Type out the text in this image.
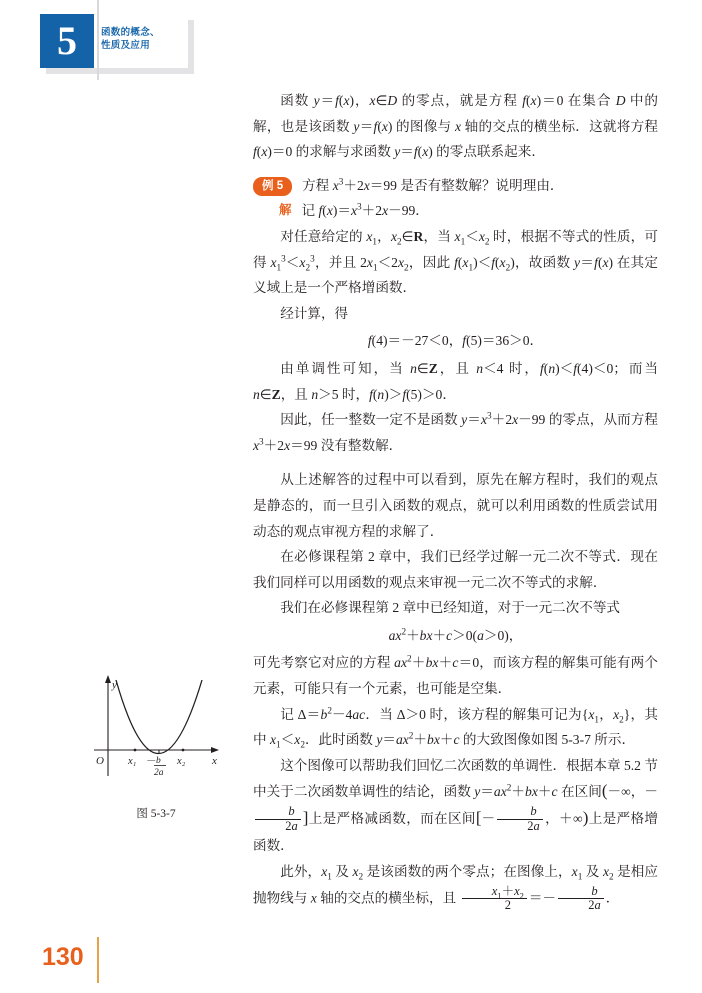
5	函数的概念、
性质及应用

函数 y＝f(x)，x∈D 的零点，就是方程 f(x)＝0 在集合 D 中的解，也是该函数 y＝f(x) 的图像与 x 轴的交点的横坐标．这就将方程 f(x)＝0 的求解与求函数 y＝f(x) 的零点联系起来．

例 5	方程 $x^3+2x=99$ 是否有整数解？说明理由．
解 记 $f(x)=x^3+2x-99$．

对任意给定的 $x_1$，$x_2\in R$，当 $x_1<x_2$ 时，根据不等式的性质，可得 $x_1^3<x_2^3$，并且 $2x_1<2x_2$，因此 $f(x_1)<f(x_2)$，故函数 y＝f(x) 在其定义域上是一个严格增函数．

经计算，得

f(4)＝－27＜0，f(5)＝36＞0．

由单调性可知，当 n∈Z，且 n＜4 时，f(n)＜f(4)＜0；而当 n∈Z，且 n＞5 时，f(n)＞f(5)＞0．

因此，任一整数一定不是函数 $y=x^3+2x-99$ 的零点，从而方程 $x^3+2x=99$ 没有整数解．

从上述解答的过程中可以看到，原先在解方程时，我们的观点是静态的，而一旦引入函数的观点，就可以利用函数的性质尝试用动态的观点审视方程的求解了．

在必修课程第 2 章中，我们已经学过解一元二次不等式．现在我们同样可以用函数的观点来审视一元二次不等式的求解．

我们在必修课程第 2 章中已经知道，对于一元二次不等式

$ax^2+bx+c>0(a>0)$，

可先考察它对应的方程 $ax^2+bx+c=0$，而该方程的解集可能有两个元素，可能只有一个元素，也可能是空集．

记 $\Delta=b^2-4ac$．当 Δ＞0 时，该方程的解集可记为{$x_1$，$x_2$}，其中 $x_1<x_2$．此时函数 $y=ax^2+bx+c$ 的大致图像如图 5-3-7 所示．

这个图像可以帮助我们回忆二次函数的单调性．根据本章 5.2 节中关于二次函数单调性的结论，函数 $y=ax^2+bx+c$ 在区间(－∞，－
$\frac{b}{2a}$ ]上是严格减函数，而在区间[－ $\frac{b}{2a}$ ，＋∞)上是严格增函数．

此外，$x_1$ 及 $x_2$ 是该函数的两个零点；在图像上，$x_1$ 及 $x_2$ 是相应抛物线与 x 轴的交点的横坐标，且 $\frac{x_1+x_2}{2} =- \frac{b}{2a}$ ．

O
y
x
x₁	x₂
－ b
2a
图 5-3-7
130
